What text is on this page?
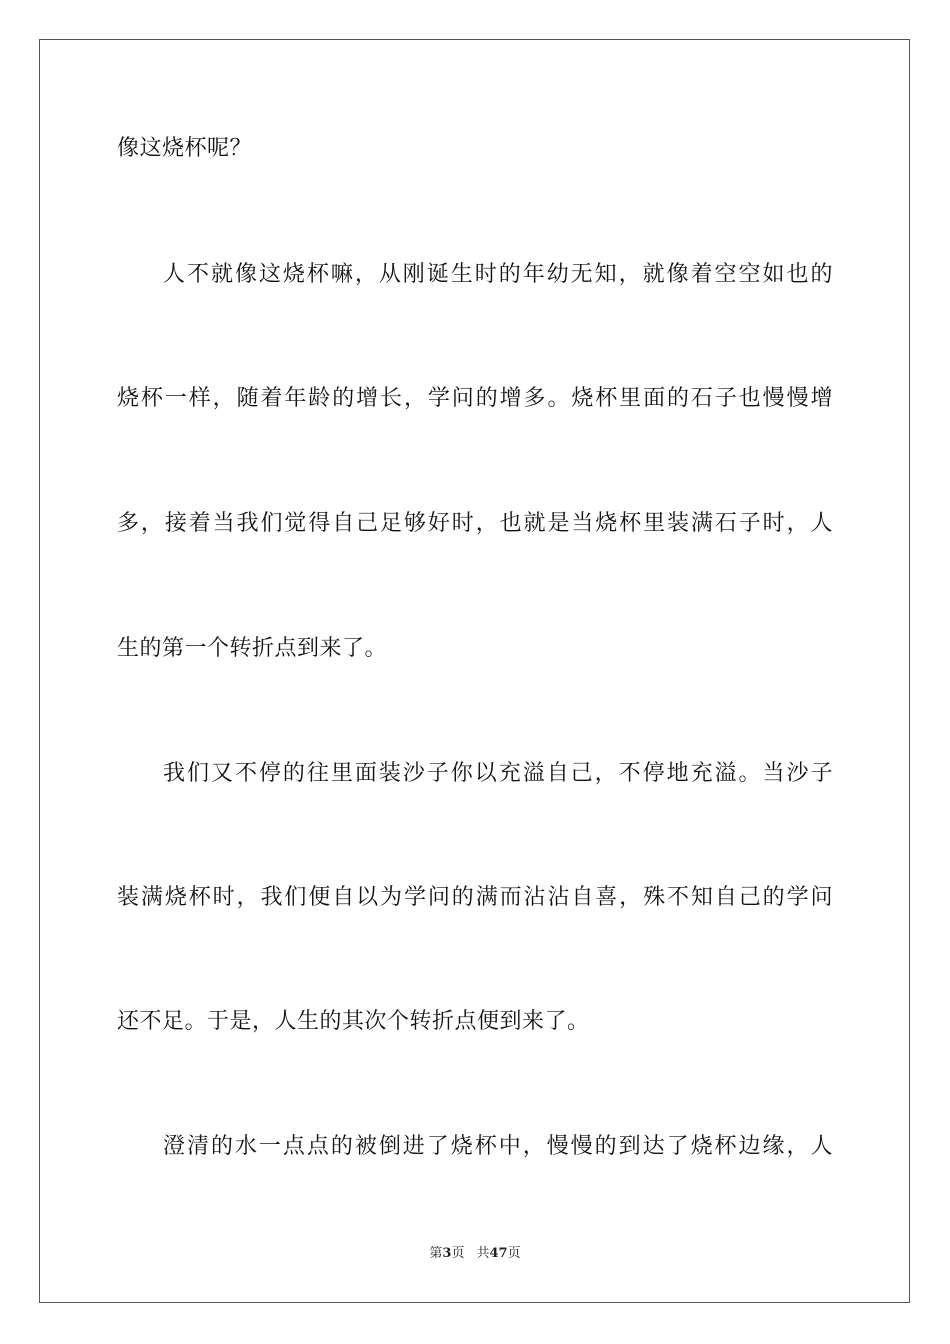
像这烧杯呢？
人不就像这烧杯嘛，从刚诞生时的年幼无知，就像着空空如也的
烧杯一样，随着年龄的增长，学问的增多。烧杯里面的石子也慢慢增
多，接着当我们觉得自己足够好时，也就是当烧杯里装满石子时，人
生的第一个转折点到来了。
我们又不停的往里面装沙子你以充溢自己，不停地充溢。当沙子
装满烧杯时，我们便自以为学问的满而沾沾自喜，殊不知自己的学问
还不足。于是，人生的其次个转折点便到来了。
澄清的水一点点的被倒进了烧杯中，慢慢的到达了烧杯边缘，人
第3页 共47页
